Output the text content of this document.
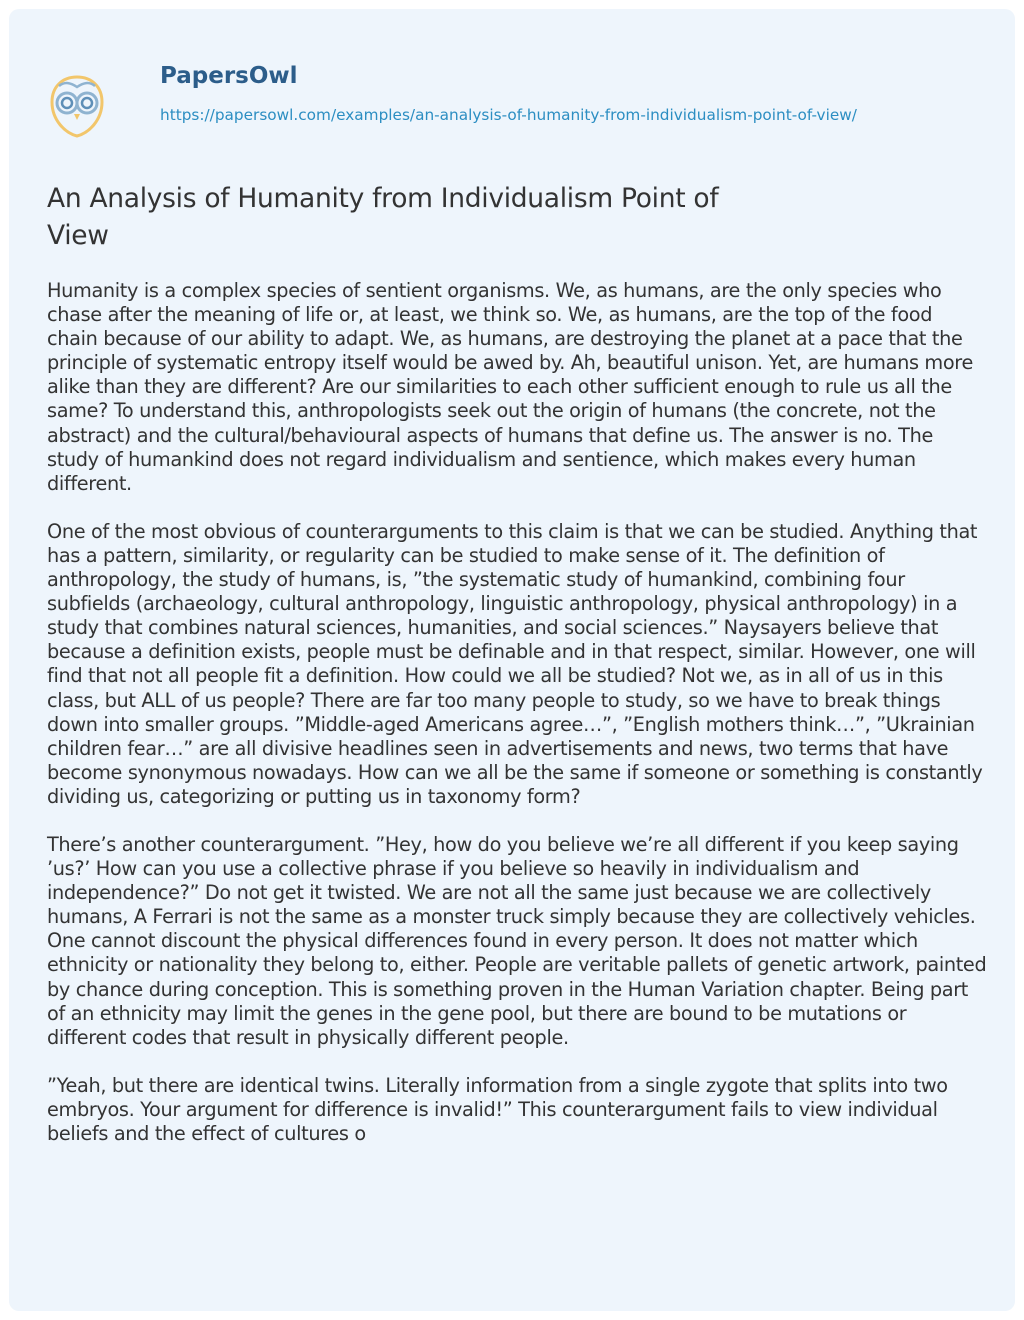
PapersOwl
https://papersowl.com/examples/an-analysis-of-humanity-from-individualism-point-of-view/
An Analysis of Humanity from Individualism Point of View

Humanity is a complex species of sentient organisms. We, as humans, are the only species who chase after the meaning of life or, at least, we think so. We, as humans, are the top of the food chain because of our ability to adapt. We, as humans, are destroying the planet at a pace that the principle of systematic entropy itself would be awed by. Ah, beautiful unison. Yet, are humans more alike than they are different? Are our similarities to each other sufficient enough to rule us all the same? To understand this, anthropologists seek out the origin of humans (the concrete, not the abstract) and the cultural/behavioural aspects of humans that define us. The answer is no. The study of humankind does not regard individualism and sentience, which makes every human different.

One of the most obvious of counterarguments to this claim is that we can be studied. Anything that has a pattern, similarity, or regularity can be studied to make sense of it. The definition of anthropology, the study of humans, is, ”the systematic study of humankind, combining four subfields (archaeology, cultural anthropology, linguistic anthropology, physical anthropology) in a study that combines natural sciences, humanities, and social sciences.” Naysayers believe that because a definition exists, people must be definable and in that respect, similar. However, one will find that not all people fit a definition. How could we all be studied? Not we, as in all of us in this class, but ALL of us people? There are far too many people to study, so we have to break things down into smaller groups. ”Middle-aged Americans agree…”, ”English mothers think…”, ”Ukrainian children fear…” are all divisive headlines seen in advertisements and news, two terms that have become synonymous nowadays. How can we all be the same if someone or something is constantly dividing us, categorizing or putting us in taxonomy form?

There’s another counterargument. ”Hey, how do you believe we’re all different if you keep saying ’us?’ How can you use a collective phrase if you believe so heavily in individualism and independence?” Do not get it twisted. We are not all the same just because we are collectively humans, A Ferrari is not the same as a monster truck simply because they are collectively vehicles. One cannot discount the physical differences found in every person. It does not matter which ethnicity or nationality they belong to, either. People are veritable pallets of genetic artwork, painted by chance during conception. This is something proven in the Human Variation chapter. Being part of an ethnicity may limit the genes in the gene pool, but there are bound to be mutations or different codes that result in physically different people.

”Yeah, but there are identical twins. Literally information from a single zygote that splits into two embryos. Your argument for difference is invalid!” This counterargument fails to view individual beliefs and the effect of cultures o
